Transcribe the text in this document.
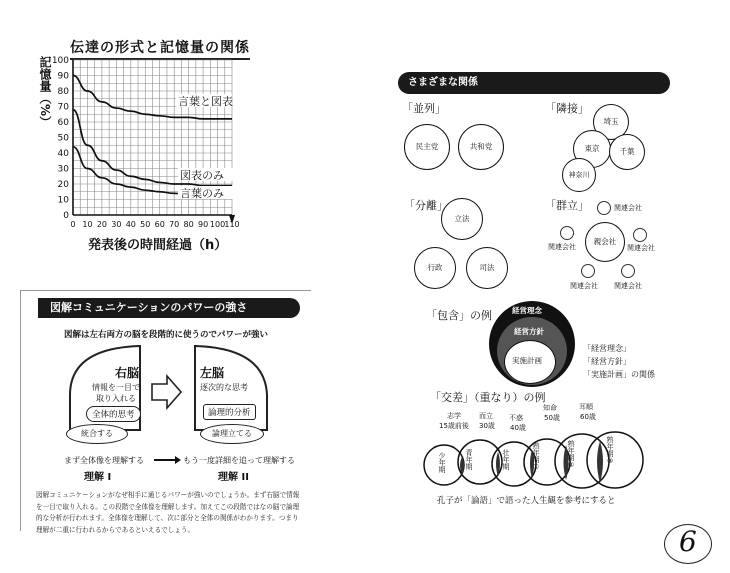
伝達の形式と記憶量の関係
記憶量（%） 100
90
80
70
60
50
40
30
20
10
0
0 10 20 30 40 50 60 70 80 90 100 110
言葉と図表
図表のみ
言葉のみ
発表後の時間経過（h）
図解コミュニケーションのパワーの強さ
図解は左右両方の脳を段階的に使うのでパワーが強い
右脳
情報を一目で
取り入れる
全体的思考
統合する
左脳
逐次的な思考
論理的分析
論理立てる
まず全体像を理解する	もう一度詳細を追って理解する
理解 I	理解 II
図解コミュニケーションがなぜ相手に通じるパワーが強いのでしょうか。まず右脳で情報を一目で取り入れる。この段階で全体像を理解します。加えてこの段階ではなの脳で論理的な分析が行われます。全体像を理解して、次に部分と全体の関係がわかります。つまり理解が二重に行われるからであるといえるでしょう。
さまざまな関係
「並列」
民主党	共和党
「隣接」
埼玉
東京	千葉
神奈川
「分離」
立法
行政	司法
「群立」
親会社
関連会社
関連会社	関連会社
関連会社 関連会社
「包含」の例	経営理念
経営方針
実施計画
「経営理念」
「経営方針」
「実施計画」の関係
「交差」（重なり）の例
志学
15歳前後
而立
30歳
不惑
40歳
知命
50歳
耳順
60歳
少年期	青年期	壮年期	熟年期①	熟年期②	熟年期③
孔子が「論語」で語った人生観を参考にすると
6
